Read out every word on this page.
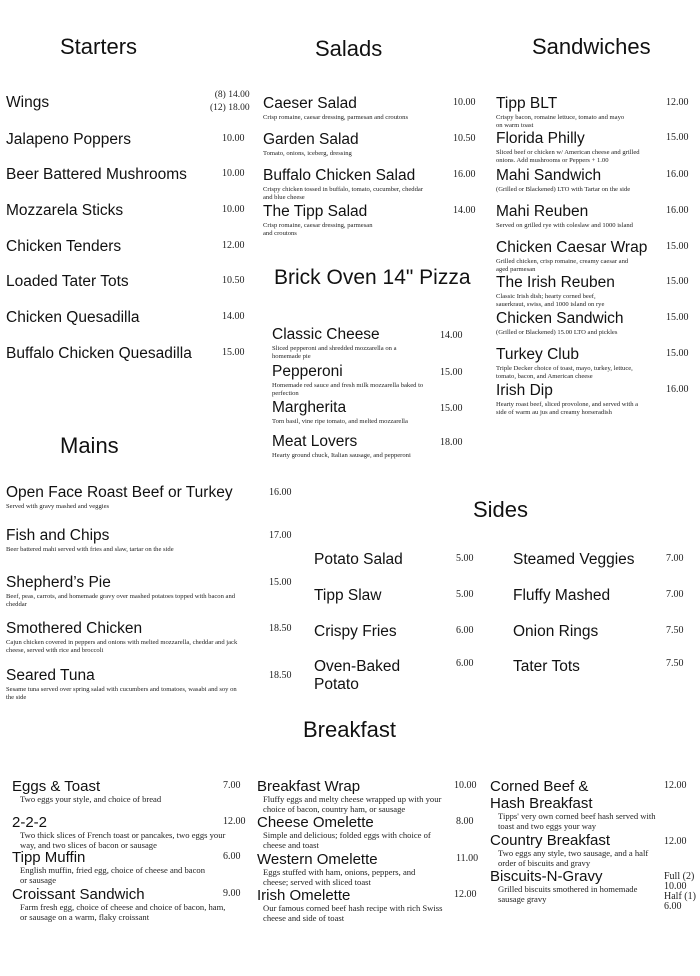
Starters
Wings	(8) 14.00
(12) 18.00
Jalapeno Poppers	10.00
Beer Battered Mushrooms	10.00
Mozzarela Sticks	10.00
Chicken Tenders	12.00
Loaded Tater Tots	10.50
Chicken Quesadilla	14.00
Buffalo Chicken Quesadilla	15.00
Salads
Caeser Salad
Crisp romaine, caesar dressing, parmesan and croutons
10.00
Garden Salad
Tomato, onions, iceberg, dressing
10.50
Buffalo Chicken Salad
Crispy chicken tossed in buffalo, tomato, cucumber, cheddar and blue cheese
16.00
The Tipp Salad
Crisp romaine, caesar dressing, parmesan and croutons
14.00
Brick Oven 14" Pizza
Classic Cheese
Sliced pepperoni and shredded mozzarella on a homemade pie
14.00
Pepperoni
Homemade red sauce and fresh milk mozzarella baked to perfection
15.00
Margherita
Torn basil, vine ripe tomato, and melted mozzarella
15.00
Meat Lovers
Hearty ground chuck, Italian sausage, and pepperoni
18.00
Sandwiches
Tipp BLT
Crispy bacon, romaine lettuce, tomato and mayo on warm toast
12.00
Florida Philly
Sliced beef or chicken w/ American cheese and grilled onions. Add mushrooms or Peppers + 1.00
15.00
Mahi Sandwich
(Grilled or Blackened) LTO with Tartar on the side
16.00
Mahi Reuben
Served on grilled rye with coleslaw and 1000 island
16.00
Chicken Caesar Wrap
Grilled chicken, crisp romaine, creamy caesar and aged parmesan
15.00
The Irish Reuben
Classic Irish dish; hearty corned beef, sauerkraut, swiss, and 1000 island on rye
15.00
Chicken Sandwich
(Grilled or Blackened) 15.00 LTO and pickles
15.00
Turkey Club
Triple Decker choice of toast, mayo, turkey, lettuce, tomato, bacon, and American cheese
15.00
Irish Dip
Hearty roast beef, sliced provolone, and served with a side of warm au jus and creamy horseradish
16.00
Mains
Open Face Roast Beef or Turkey
Served with gravy mashed and veggies
16.00
Fish and Chips
Beer battered mahi served with fries and slaw, tartar on the side
17.00
Shepherd’s Pie
Beef, peas, carrots, and homemade gravy over mashed potatoes topped with bacon and cheddar
15.00
Smothered Chicken
Cajun chicken covered in peppers and onions with melted mozzarella, cheddar and jack cheese, served with rice and broccoli
18.50
Seared Tuna
Sesame tuna served over spring salad with cucumbers and tomatoes, wasabi and soy on the side
18.50
Sides
Potato Salad	5.00
Tipp Slaw	5.00
Crispy Fries	6.00
Oven-Baked Potato
6.00
Steamed Veggies	7.00
Fluffy Mashed	7.00
Onion Rings	7.50
Tater Tots	7.50
Breakfast
Eggs & Toast
Two eggs your style, and choice of bread
7.00
2-2-2
Two thick slices of French toast or pancakes, two eggs your way, and two slices of bacon or sausage
12.00
Tipp Muffin
English muffin, fried egg, choice of cheese and bacon or sausage
6.00
Croissant Sandwich
Farm fresh egg, choice of cheese and choice of bacon, ham, or sausage on a warm, flaky croissant
9.00
Breakfast Wrap
Fluffy eggs and melty cheese wrapped up with your choice of bacon, country ham, or sausage
10.00
Cheese Omelette
Simple and delicious; folded eggs with choice of cheese and toast
8.00
Western Omelette
Eggs stuffed with ham, onions, peppers, and cheese; served with sliced toast
11.00
Irish Omelette
Our famous corned beef hash recipe with rich Swiss cheese and side of toast
12.00
Corned Beef & Hash Breakfast
Tipps' very own corned beef hash served with toast and two eggs your way
12.00
Country Breakfast
Two eggs any style, two sausage, and a half order of biscuits and gravy
12.00
Biscuits-N-Gravy
Grilled biscuits smothered in homemade sausage gravy
Full (2)
10.00
Half (1)
6.00
